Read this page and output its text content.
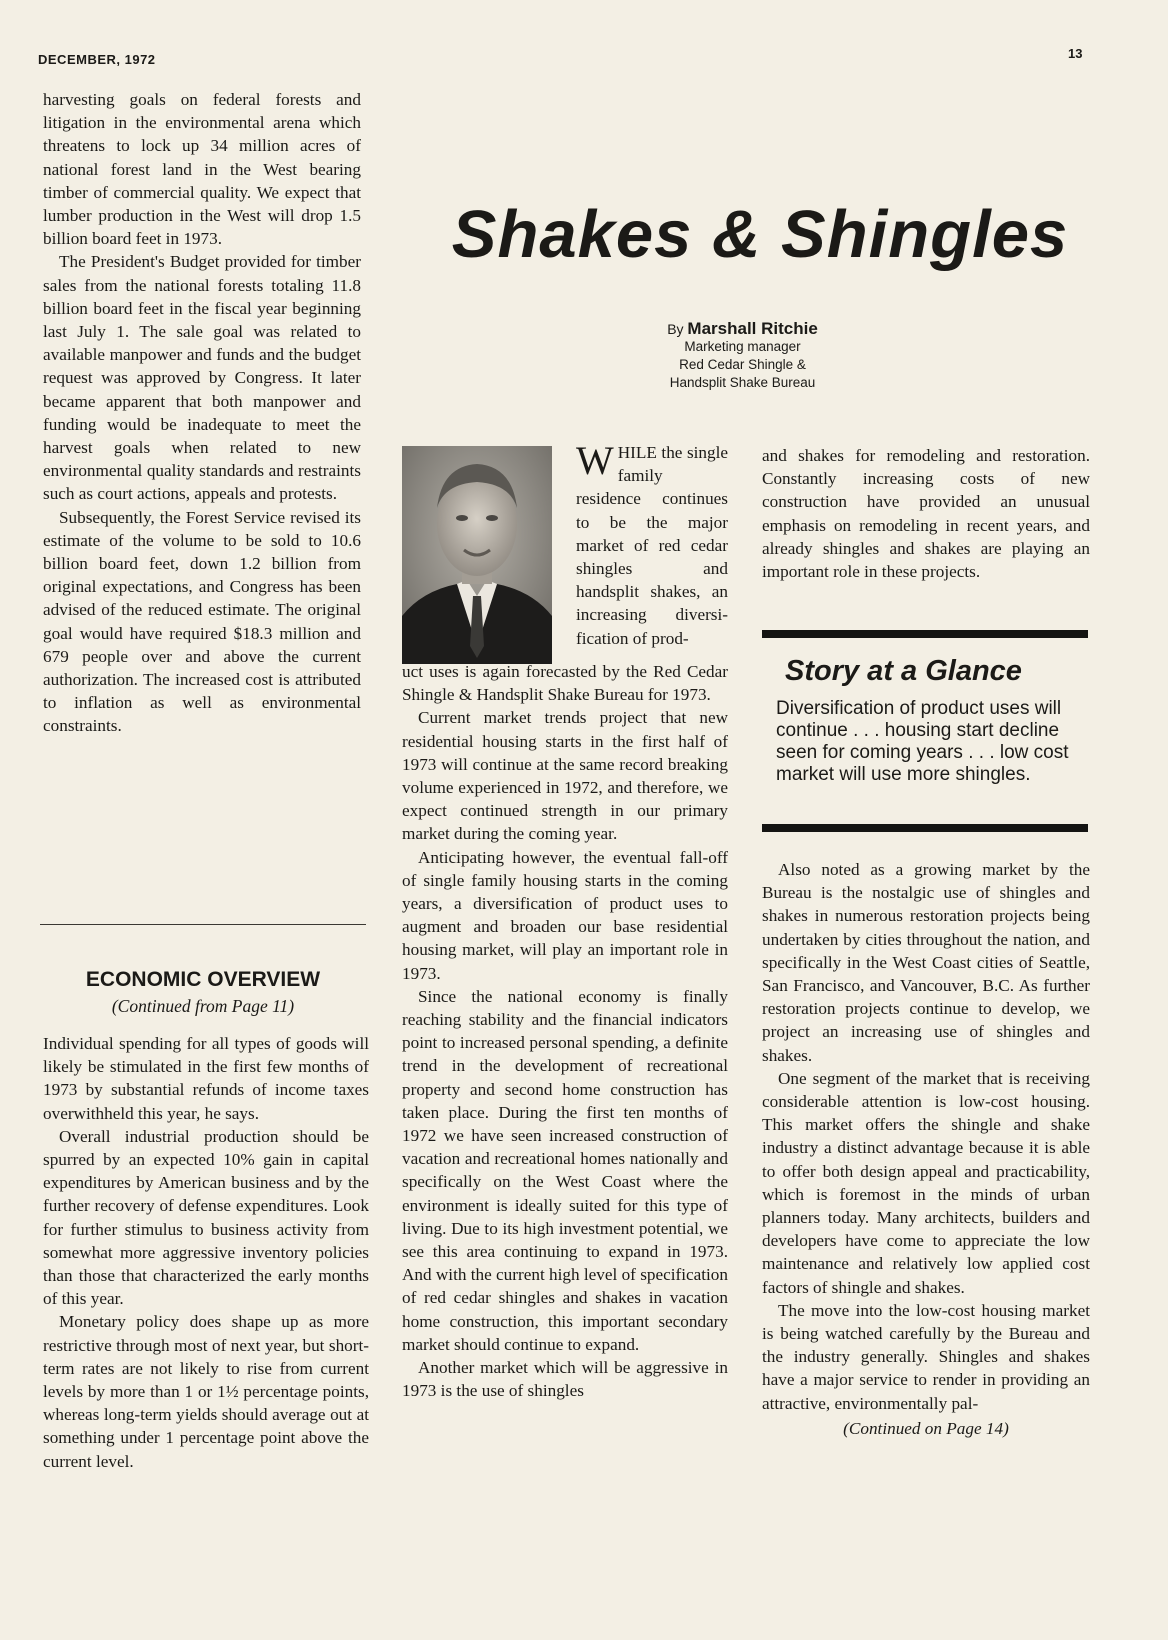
DECEMBER, 1972	13

harvesting goals on federal forests and litigation in the environmental arena which threatens to lock up 34 million acres of national forest land in the West bearing timber of commercial quality. We expect that lumber production in the West will drop 1.5 billion board feet in 1973.

The President's Budget provided for timber sales from the national forests totaling 11.8 billion board feet in the fiscal year beginning last July 1. The sale goal was related to available manpower and funds and the budget request was approved by Congress. It later became apparent that both manpower and funding would be inadequate to meet the harvest goals when related to new environmental quality standards and restraints such as court actions, appeals and protests.

Subsequently, the Forest Service revised its estimate of the volume to be sold to 10.6 billion board feet, down 1.2 billion from original expectations, and Congress has been advised of the reduced estimate. The original goal would have required $18.3 million and 679 people over and above the current authorization. The increased cost is attributed to inflation as well as environmental constraints.

ECONOMIC OVERVIEW
(Continued from Page 11)

Individual spending for all types of goods will likely be stimulated in the first few months of 1973 by substantial refunds of income taxes overwithheld this year, he says.

Overall industrial production should be spurred by an expected 10% gain in capital expenditures by American business and by the further recovery of defense expenditures. Look for further stimulus to business activity from somewhat more aggressive inventory policies than those that characterized the early months of this year.

Monetary policy does shape up as more restrictive through most of next year, but short-term rates are not likely to rise from current levels by more than 1 or 1½ percentage points, whereas long-term yields should average out at something under 1 percentage point above the current level.

Shakes & Shingles
By Marshall Ritchie
Marketing manager
Red Cedar Shingle &
Handsplit Shake Bureau
WHILE the single family residence continues to be the major market of red cedar shingles and handsplit shakes, an increasing diversi- fication of prod-

uct uses is again forecasted by the Red Cedar Shingle & Handsplit Shake Bureau for 1973.

Current market trends project that new residential housing starts in the first half of 1973 will continue at the same record breaking volume experienced in 1972, and therefore, we expect continued strength in our primary market during the coming year.

Anticipating however, the eventual fall-off of single family housing starts in the coming years, a diversification of product uses to augment and broaden our base residential housing market, will play an important role in 1973.

Since the national economy is finally reaching stability and the financial indicators point to increased personal spending, a definite trend in the development of recreational property and second home construction has taken place. During the first ten months of 1972 we have seen increased construction of vacation and recreational homes nationally and specifically on the West Coast where the environment is ideally suited for this type of living. Due to its high investment potential, we see this area continuing to expand in 1973. And with the current high level of specification of red cedar shingles and shakes in vacation home construction, this important secondary market should continue to expand.

Another market which will be aggressive in 1973 is the use of shingles

and shakes for remodeling and restoration. Constantly increasing costs of new construction have provided an unusual emphasis on remodeling in recent years, and already shingles and shakes are playing an important role in these projects.

Story at a Glance
Diversification of product uses will continue . . . housing start decline seen for coming years . . . low cost market will use more shingles.

Also noted as a growing market by the Bureau is the nostalgic use of shingles and shakes in numerous restoration projects being undertaken by cities throughout the nation, and specifically in the West Coast cities of Seattle, San Francisco, and Vancouver, B.C. As further restoration projects continue to develop, we project an increasing use of shingles and shakes.

One segment of the market that is receiving considerable attention is low-cost housing. This market offers the shingle and shake industry a distinct advantage because it is able to offer both design appeal and practicability, which is foremost in the minds of urban planners today. Many architects, builders and developers have come to appreciate the low maintenance and relatively low applied cost factors of shingle and shakes.

The move into the low-cost housing market is being watched carefully by the Bureau and the industry generally. Shingles and shakes have a major service to render in providing an attractive, environmentally pal-

(Continued on Page 14)
